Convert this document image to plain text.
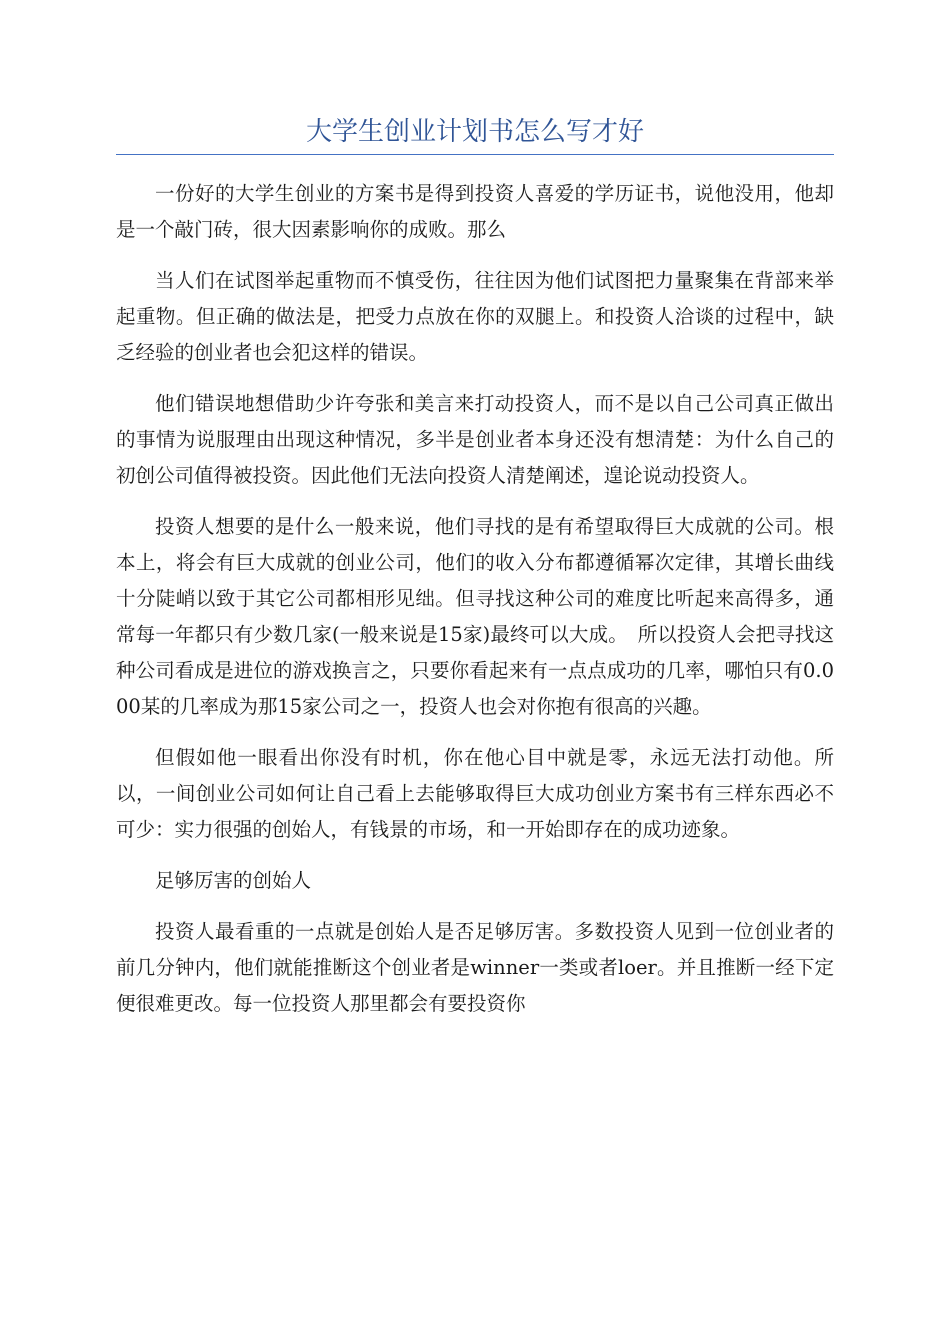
大学生创业计划书怎么写才好

一份好的大学生创业的方案书是得到投资人喜爱的学历证书，说他没用，他却是一个敲门砖，很大因素影响你的成败。那么

当人们在试图举起重物而不慎受伤，往往因为他们试图把力量聚集在背部来举起重物。但正确的做法是，把受力点放在你的双腿上。和投资人洽谈的过程中，缺乏经验的创业者也会犯这样的错误。

他们错误地想借助少许夸张和美言来打动投资人，而不是以自己公司真正做出的事情为说服理由出现这种情况，多半是创业者本身还没有想清楚：为什么自己的初创公司值得被投资。因此他们无法向投资人清楚阐述，遑论说动投资人。

投资人想要的是什么一般来说，他们寻找的是有希望取得巨大成就的公司。根本上，将会有巨大成就的创业公司，他们的收入分布都遵循幂次定律，其增长曲线十分陡峭以致于其它公司都相形见绌。但寻找这种公司的难度比听起来高得多，通常每一年都只有少数几家(一般来说是15家)最终可以大成。　所以投资人会把寻找这种公司看成是进位的游戏换言之，只要你看起来有一点点成功的几率，哪怕只有0.000某的几率成为那15家公司之一，投资人也会对你抱有很高的兴趣。

但假如他一眼看出你没有时机，你在他心目中就是零，永远无法打动他。所以，一间创业公司如何让自己看上去能够取得巨大成功创业方案书有三样东西必不可少：实力很强的创始人，有钱景的市场，和一开始即存在的成功迹象。

足够厉害的创始人

投资人最看重的一点就是创始人是否足够厉害。多数投资人见到一位创业者的前几分钟内，他们就能推断这个创业者是winner一类或者loer。并且推断一经下定便很难更改。每一位投资人那里都会有要投资你
